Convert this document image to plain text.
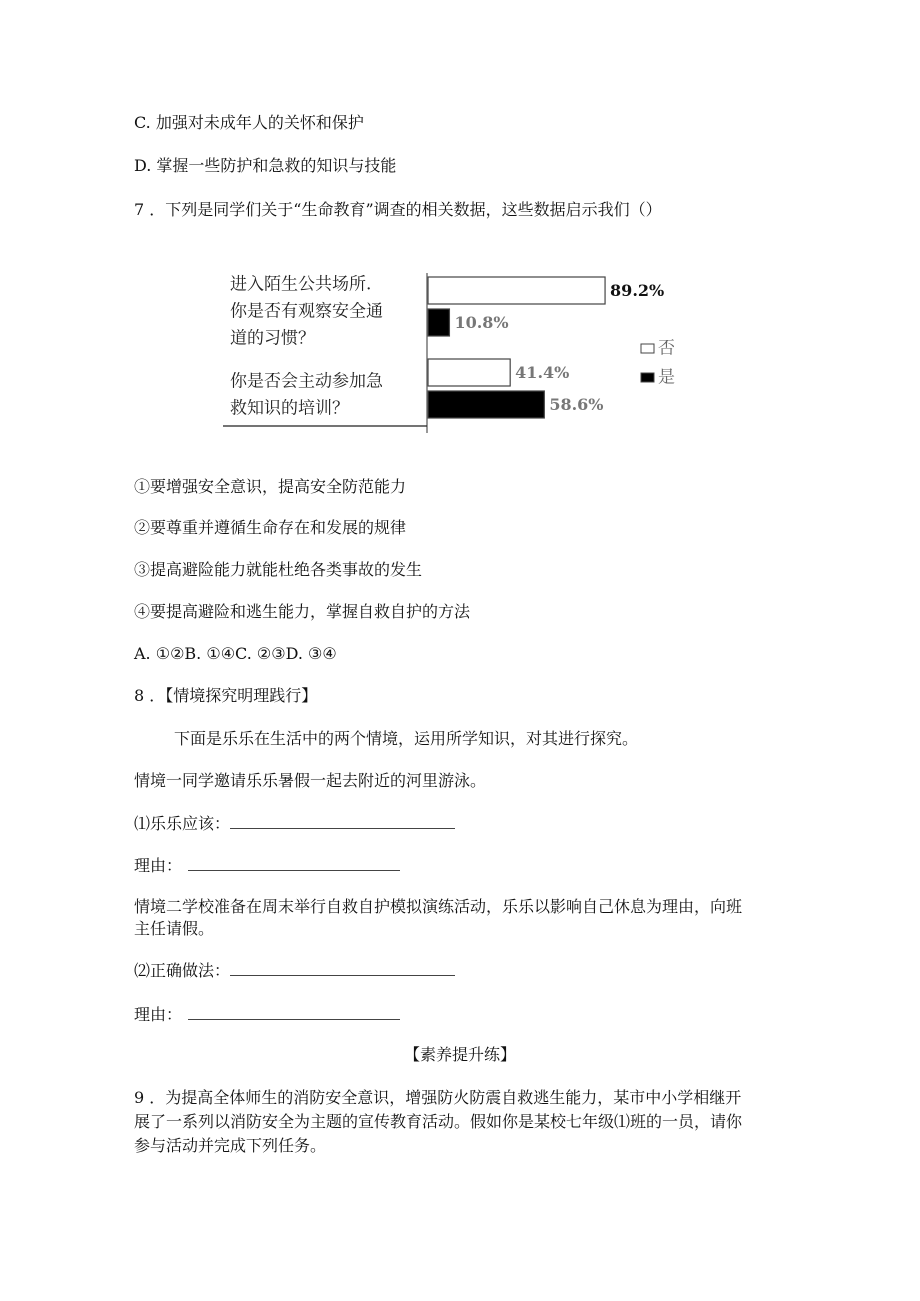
C. 加强对未成年人的关怀和保护
D. 掌握一些防护和急救的知识与技能
7 ．下列是同学们关于“生命教育”调查的相关数据，这些数据启示我们（）
进入陌生公共场所.
你是否有观察安全通
道的习惯？
你是否会主动参加急
救知识的培训？
89.2%
41.4%
10.8%
58.6%
否
是
①要增强安全意识，提高安全防范能力
②要尊重并遵循生命存在和发展的规律
③提高避险能力就能杜绝各类事故的发生
④要提高避险和逃生能力，掌握自救自护的方法
A. ①②B. ①④C. ②③D. ③④
8 ．【情境探究明理践行】
下面是乐乐在生活中的两个情境，运用所学知识，对其进行探究。
情境一同学邀请乐乐暑假一起去附近的河里游泳。
⑴乐乐应该：
理由：
情境二学校准备在周末举行自救自护模拟演练活动，乐乐以影响自己休息为理由，向班
主任请假。
⑵正确做法：
理由：
【素养提升练】
9 ．为提高全体师生的消防安全意识，增强防火防震自救逃生能力，某市中小学相继开
展了一系列以消防安全为主题的宣传教育活动。假如你是某校七年级⑴班的一员，请你
参与活动并完成下列任务。
